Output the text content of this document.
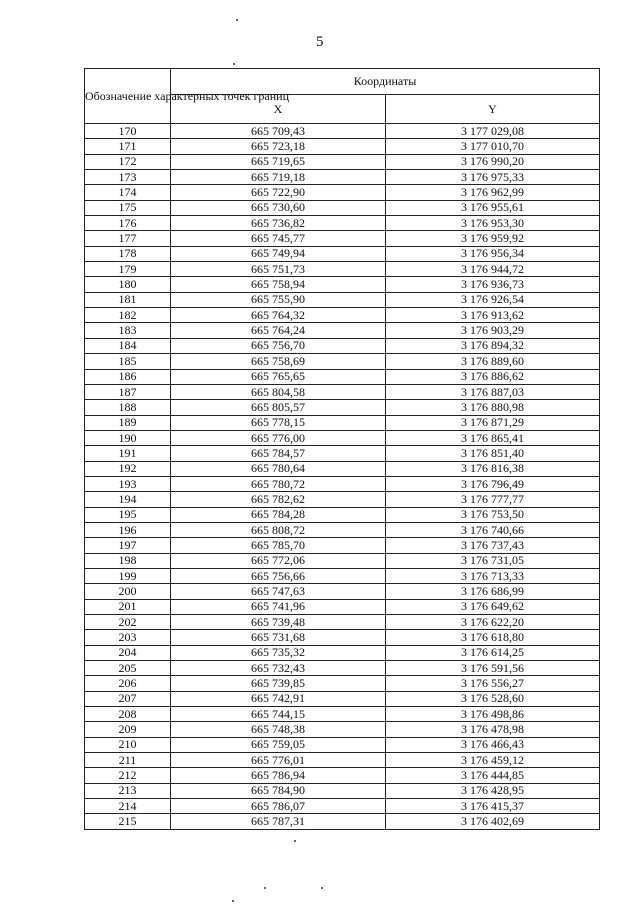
5
Обозначение характерных точек границ	Координаты	
	X	Y
170	665 709,43	3 177 029,08
171	665 723,18	3 177 010,70
172	665 719,65	3 176 990,20
173	665 719,18	3 176 975,33
174	665 722,90	3 176 962,99
175	665 730,60	3 176 955,61
176	665 736,82	3 176 953,30
177	665 745,77	3 176 959,92
178	665 749,94	3 176 956,34
179	665 751,73	3 176 944,72
180	665 758,94	3 176 936,73
181	665 755,90	3 176 926,54
182	665 764,32	3 176 913,62
183	665 764,24	3 176 903,29
184	665 756,70	3 176 894,32
185	665 758,69	3 176 889,60
186	665 765,65	3 176 886,62
187	665 804,58	3 176 887,03
188	665 805,57	3 176 880,98
189	665 778,15	3 176 871,29
190	665 776,00	3 176 865,41
191	665 784,57	3 176 851,40
192	665 780,64	3 176 816,38
193	665 780,72	3 176 796,49
194	665 782,62	3 176 777,77
195	665 784,28	3 176 753,50
196	665 808,72	3 176 740,66
197	665 785,70	3 176 737,43
198	665 772,06	3 176 731,05
199	665 756,66	3 176 713,33
200	665 747,63	3 176 686,99
201	665 741,96	3 176 649,62
202	665 739,48	3 176 622,20
203	665 731,68	3 176 618,80
204	665 735,32	3 176 614,25
205	665 732,43	3 176 591,56
206	665 739,85	3 176 556,27
207	665 742,91	3 176 528,60
208	665 744,15	3 176 498,86
209	665 748,38	3 176 478,98
210	665 759,05	3 176 466,43
211	665 776,01	3 176 459,12
212	665 786,94	3 176 444,85
213	665 784,90	3 176 428,95
214	665 786,07	3 176 415,37
215	665 787,31	3 176 402,69
